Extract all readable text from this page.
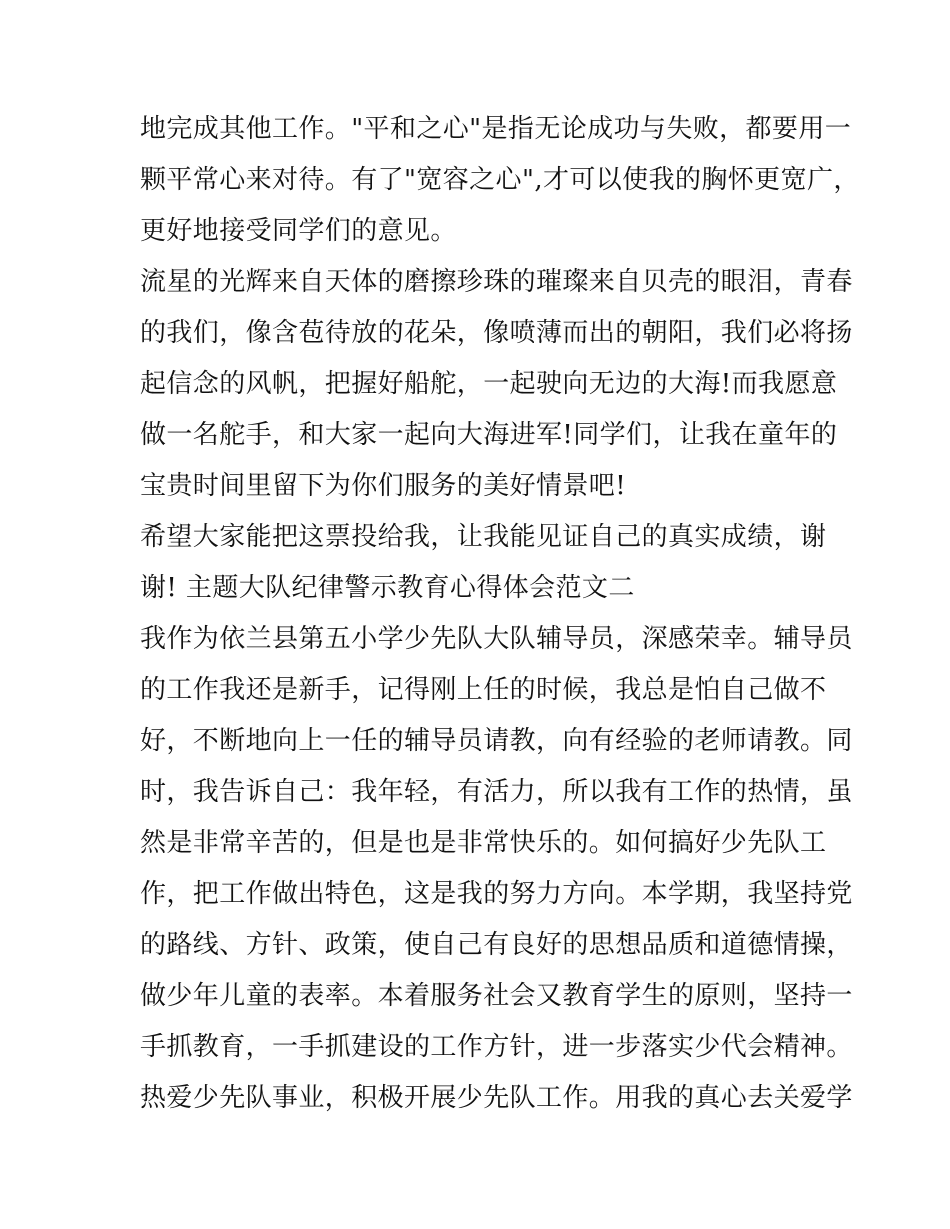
地完成其他工作。"平和之心"是指无论成功与失败，都要用一
颗平常心来对待。有了"宽容之心",才可以使我的胸怀更宽广，
更好地接受同学们的意见。
流星的光辉来自天体的磨擦珍珠的璀璨来自贝壳的眼泪，青春
的我们，像含苞待放的花朵，像喷薄而出的朝阳，我们必将扬
起信念的风帆，把握好船舵，一起驶向无边的大海!而我愿意
做一名舵手，和大家一起向大海进军!同学们，让我在童年的
宝贵时间里留下为你们服务的美好情景吧!
希望大家能把这票投给我，让我能见证自己的真实成绩，谢
谢! 主题大队纪律警示教育心得体会范文二
我作为依兰县第五小学少先队大队辅导员，深感荣幸。辅导员
的工作我还是新手，记得刚上任的时候，我总是怕自己做不
好，不断地向上一任的辅导员请教，向有经验的老师请教。同
时，我告诉自己：我年轻，有活力，所以我有工作的热情，虽
然是非常辛苦的，但是也是非常快乐的。如何搞好少先队工
作，把工作做出特色，这是我的努力方向。本学期，我坚持党
的路线、方针、政策，使自己有良好的思想品质和道德情操，
做少年儿童的表率。本着服务社会又教育学生的原则，坚持一
手抓教育，一手抓建设的工作方针，进一步落实少代会精神。
热爱少先队事业，积极开展少先队工作。用我的真心去关爱学
